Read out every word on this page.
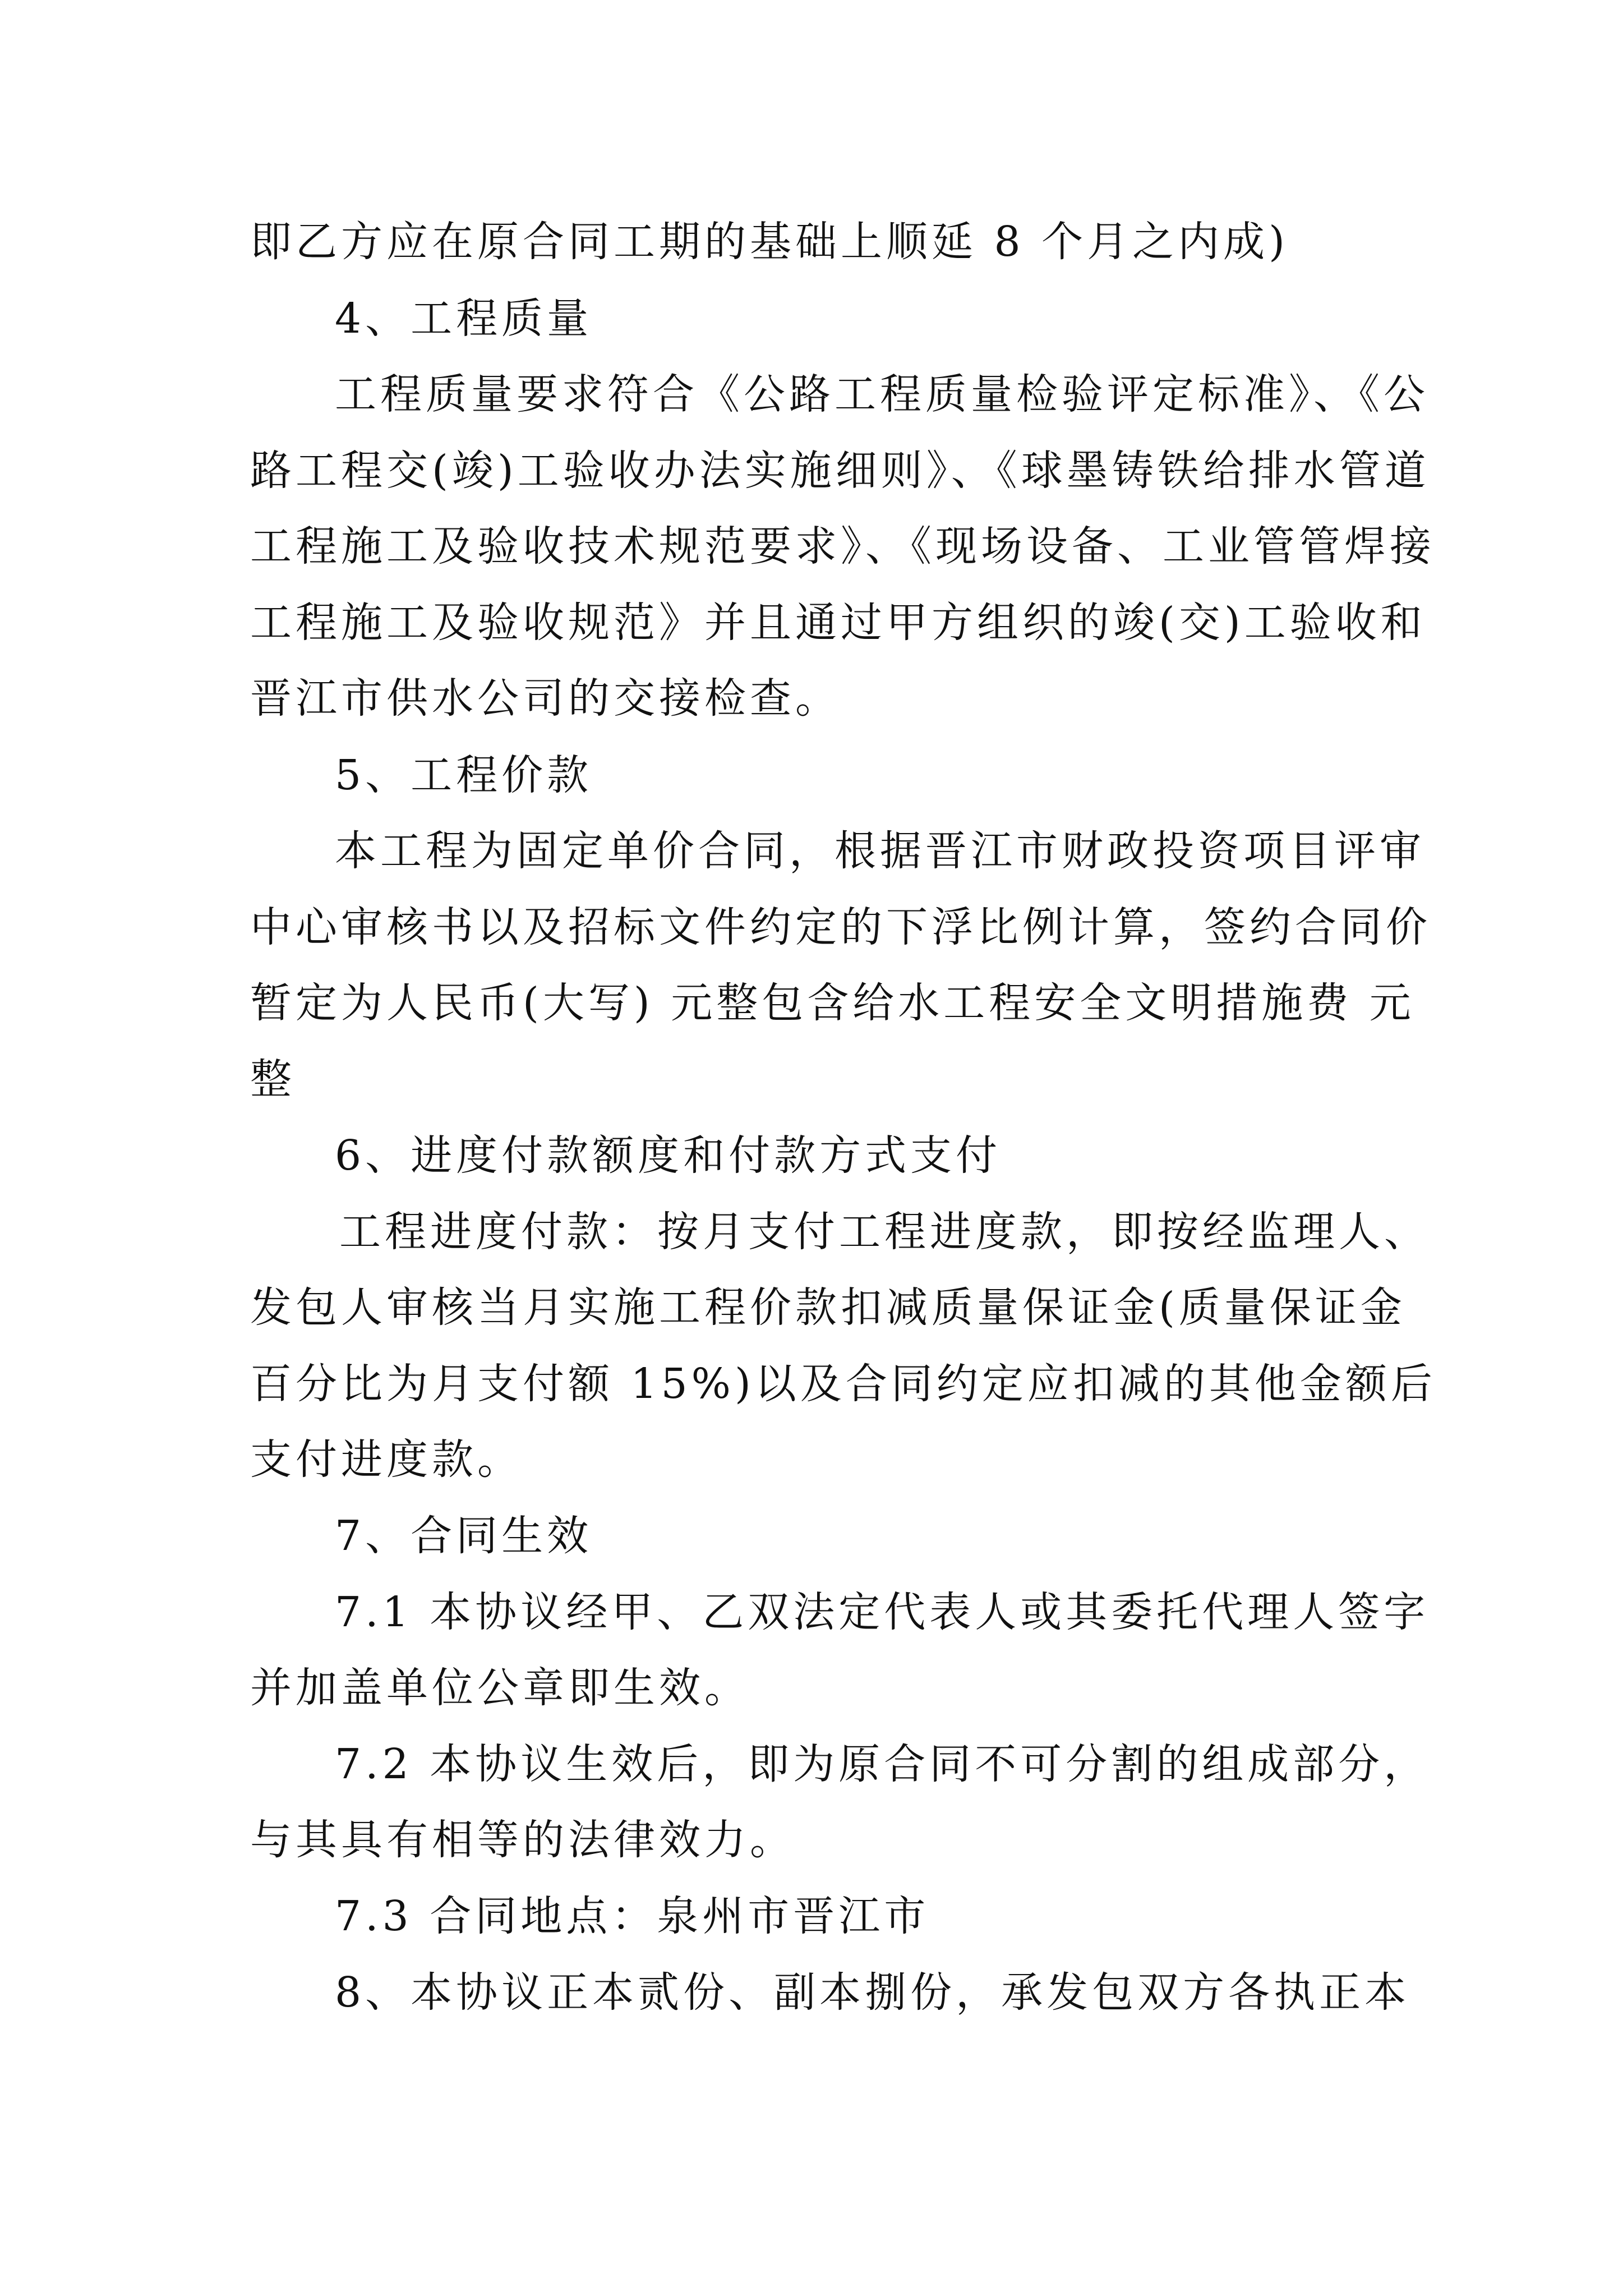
即乙方应在原合同工期的基础上顺延 8 个月之内成)

4、工程质量

工程质量要求符合《公路工程质量检验评定标准》、《公

路工程交(竣)工验收办法实施细则》、《球墨铸铁给排水管道

工程施工及验收技术规范要求》、《现场设备、工业管管焊接

工程施工及验收规范》并且通过甲方组织的竣(交)工验收和

晋江市供水公司的交接检查。

5、工程价款

本工程为固定单价合同，根据晋江市财政投资项目评审

中心审核书以及招标文件约定的下浮比例计算，签约合同价

暂定为人民币(大写) 元整包含给水工程安全文明措施费 元

整

6、进度付款额度和付款方式支付

工程进度付款：按月支付工程进度款，即按经监理人、

发包人审核当月实施工程价款扣减质量保证金(质量保证金

百分比为月支付额 15%)以及合同约定应扣减的其他金额后

支付进度款。

7、合同生效

7.1 本协议经甲、乙双法定代表人或其委托代理人签字

并加盖单位公章即生效。

7.2 本协议生效后，即为原合同不可分割的组成部分，

与其具有相等的法律效力。

7.3 合同地点：泉州市晋江市

8、本协议正本贰份、副本捌份，承发包双方各执正本
